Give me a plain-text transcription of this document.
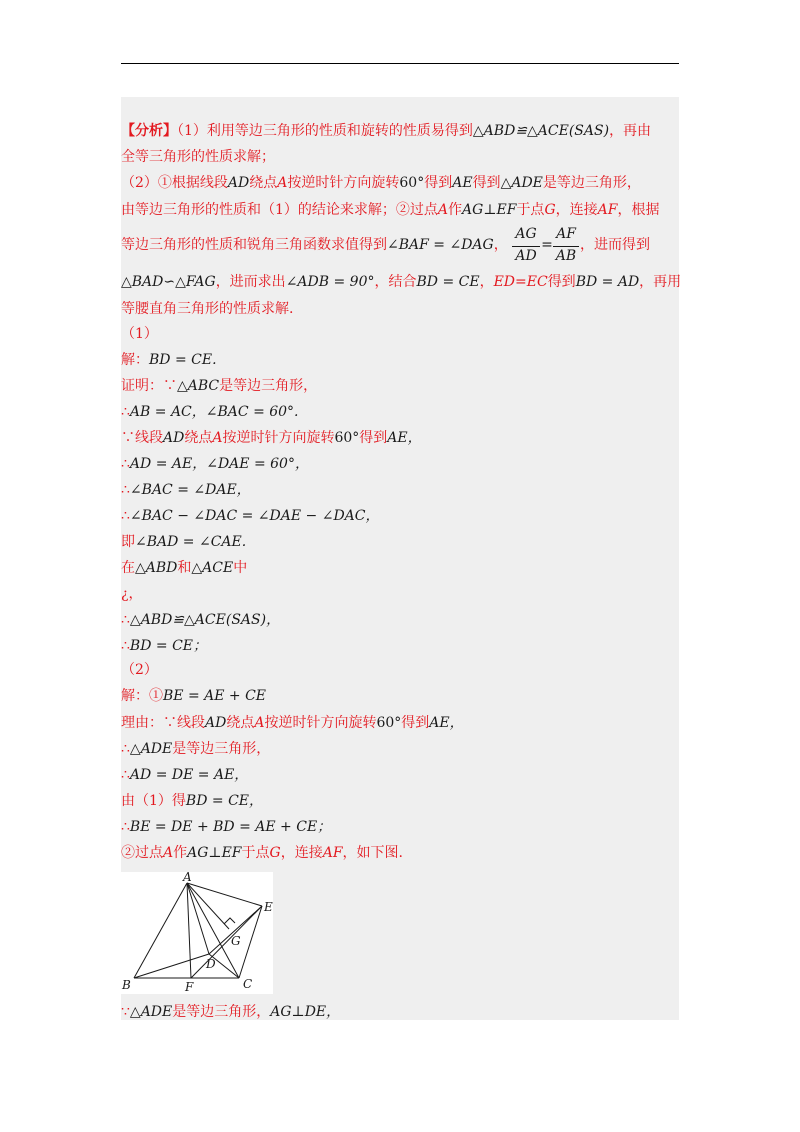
【分析】（1）利用等边三角形的性质和旋转的性质易得到△ABD≌△ACE(SAS)，再由
全等三角形的性质求解；
（2）①根据线段AD绕点A按逆时针方向旋转60°得到AE得到△ADE是等边三角形，
由等边三角形的性质和（1）的结论来求解；②过点A作AG⊥EF于点G，连接AF，根据
等边三角形的性质和锐角三角函数求值得到∠BAF = ∠DAG，
AG
AD
=
AF
AB
，进而得到
△BAD∽△FAG，进而求出∠ADB = 90°，结合BD = CE，ED=EC得到BD = AD，再用
等腰直角三角形的性质求解.
（1）
解：BD = CE.
证明：∵△ABC是等边三角形，
∴AB = AC，∠BAC = 60°.
∵线段AD绕点A按逆时针方向旋转60°得到AE，
∴AD = AE，∠DAE = 60°，
∴∠BAC = ∠DAE，
∴∠BAC − ∠DAC = ∠DAE − ∠DAC，
即∠BAD = ∠CAE.
在△ABD和△ACE中
¿，
∴△ABD≌△ACE(SAS)，
∴BD = CE；
（2）
解：①BE = AE + CE
理由：∵线段AD绕点A按逆时针方向旋转60°得到AE，
∴△ADE是等边三角形，
∴AD = DE = AE，
由（1）得BD = CE，
∴BE = DE + BD = AE + CE；
②过点A作AG⊥EF于点G，连接AF，如下图.
A
B	C
D
E
F
G
∵△ADE是等边三角形，AG⊥DE，
